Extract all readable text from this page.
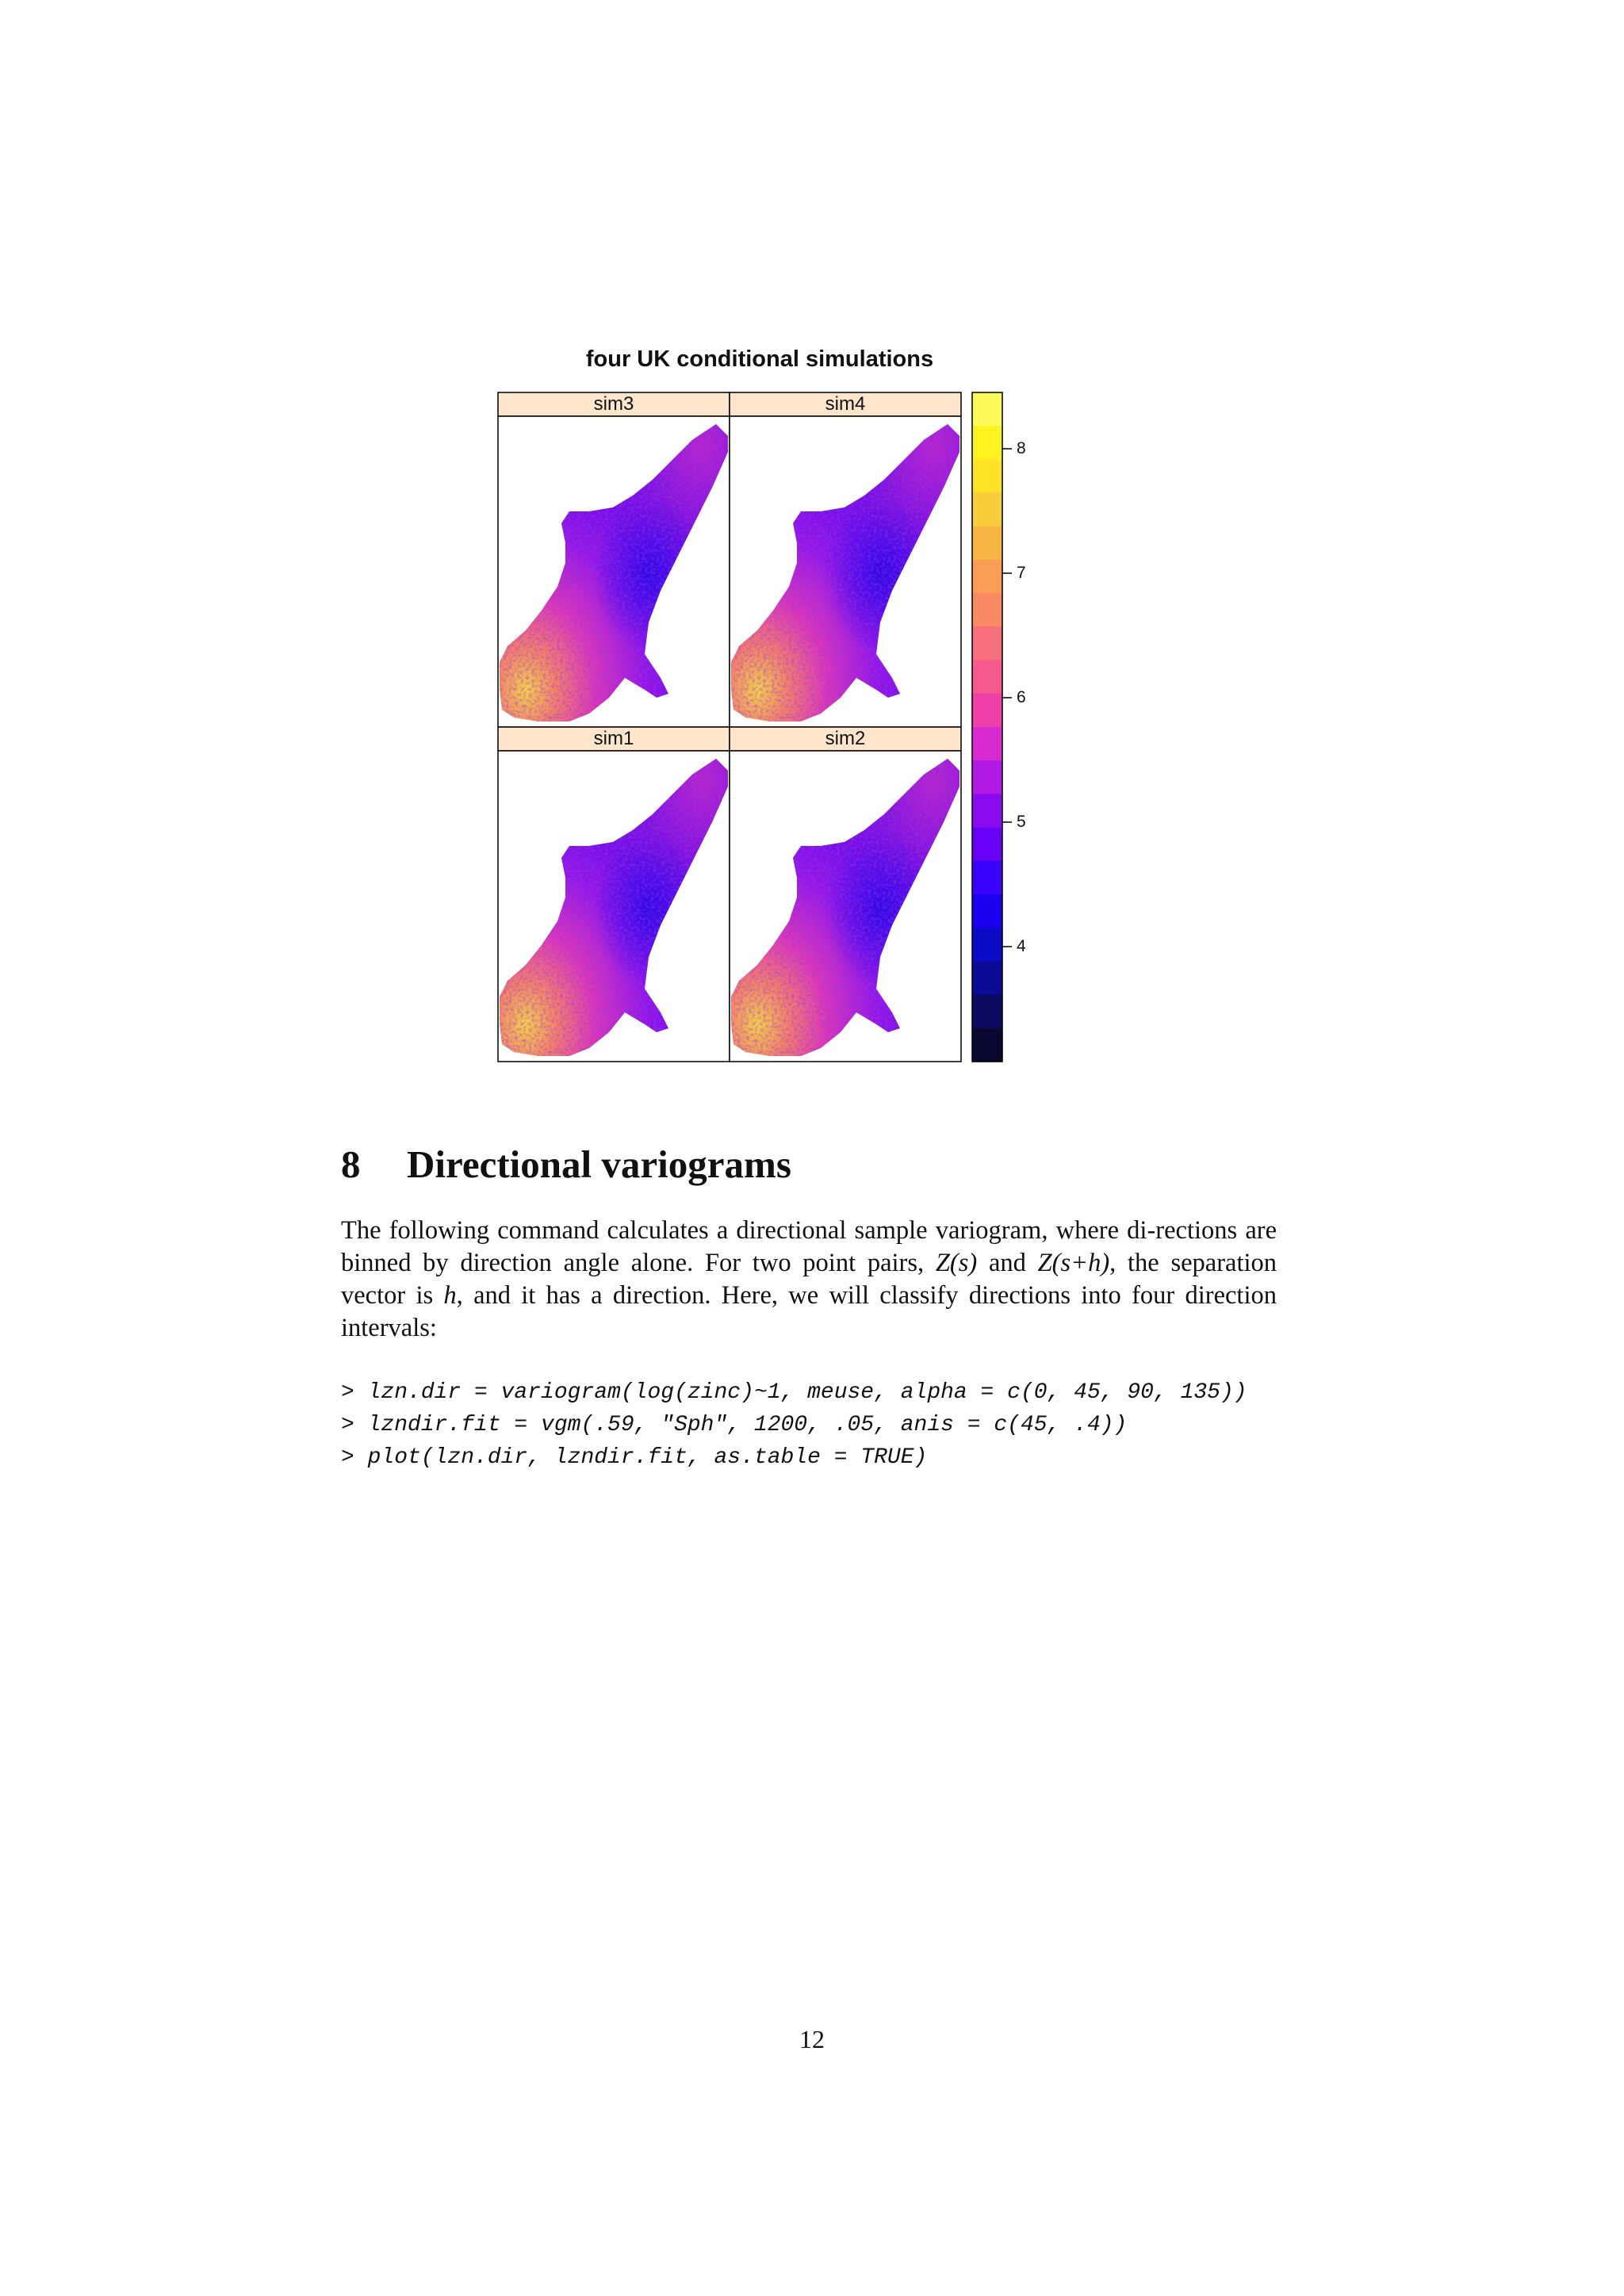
four UK conditional simulations
sim3	sim4
sim1	sim2
8
7
6
5
4
8 Directional variograms

The following command calculates a directional sample variogram, where di-rections are binned by direction angle alone. For two point pairs, Z(s) and Z(s+h), the separation vector is h, and it has a direction. Here, we will classify directions into four direction intervals:

> lzn.dir = variogram(log(zinc)~1, meuse, alpha = c(0, 45, 90, 135))
> lzndir.fit = vgm(.59, "Sph", 1200, .05, anis = c(45, .4))
> plot(lzn.dir, lzndir.fit, as.table = TRUE)
12
